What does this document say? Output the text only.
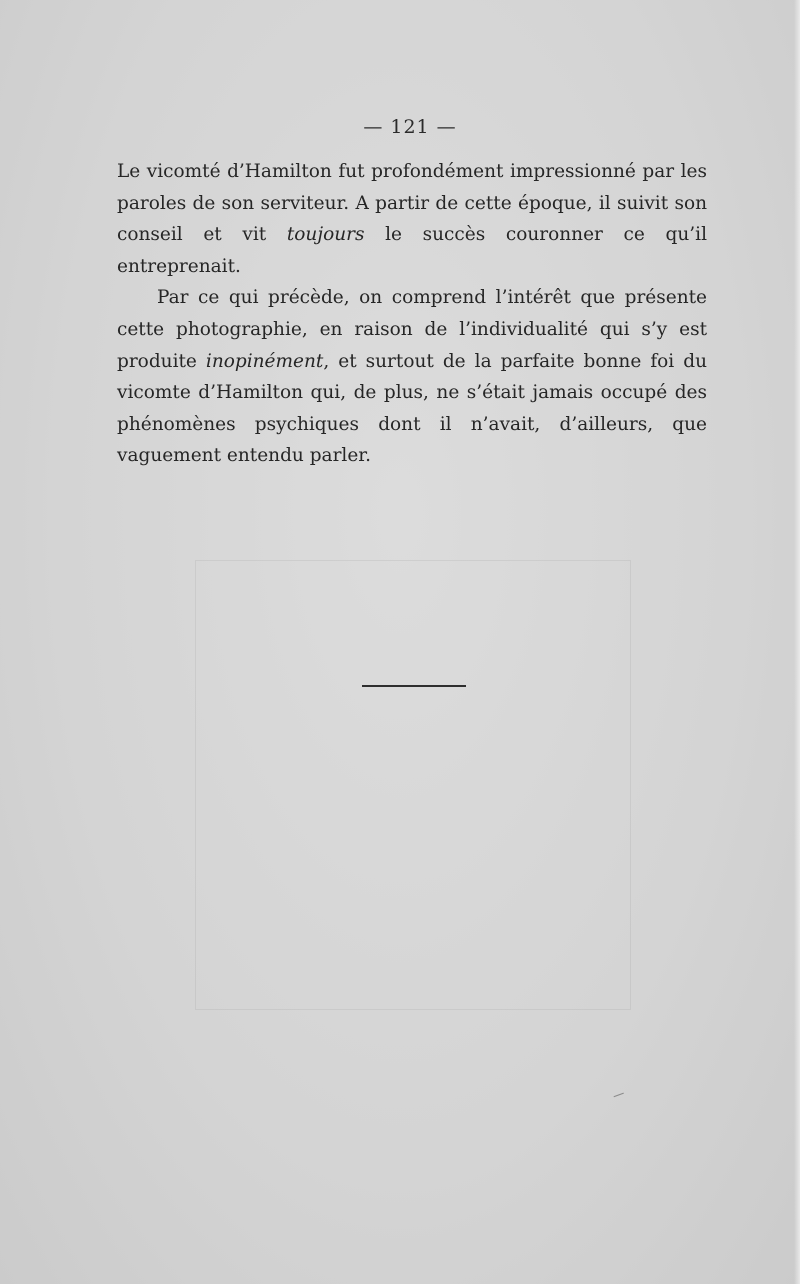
— 121 —

Le vicomté d’Hamilton fut profondément impressionné par les paroles de son serviteur. A partir de cette époque, il suivit son conseil et vit toujours le succès couronner ce qu’il entreprenait.

Par ce qui précède, on comprend l’intérêt que présente cette photographie, en raison de l’individualité qui s’y est produite inopinément, et surtout de la parfaite bonne foi du vicomte d’Hamilton qui, de plus, ne s’était jamais occupé des phénomènes psychiques dont il n’avait, d’ailleurs, que vaguement entendu parler.

⸝
